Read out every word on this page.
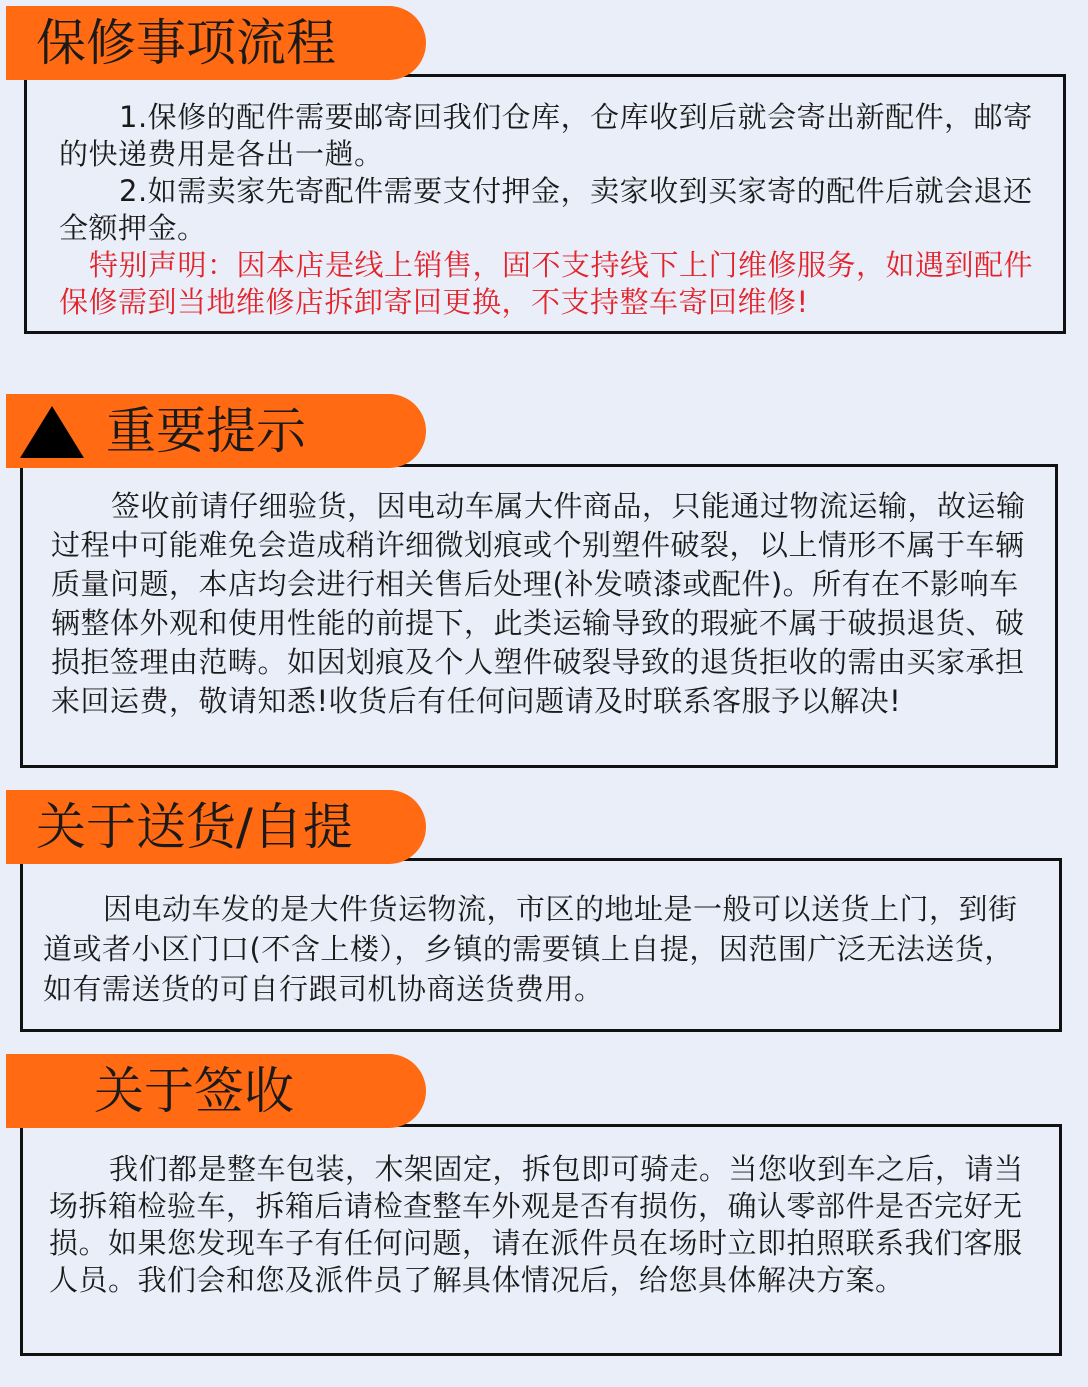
保修事项流程

1.保修的配件需要邮寄回我们仓库，仓库收到后就会寄出新配件，邮寄的快递费用是各出一趟。

2.如需卖家先寄配件需要支付押金，卖家收到买家寄的配件后就会退还全额押金。

特别声明：因本店是线上销售，固不支持线下上门维修服务，如遇到配件保修需到当地维修店拆卸寄回更换，不支持整车寄回维修!

重要提示

签收前请仔细验货，因电动车属大件商品，只能通过物流运输，故运输过程中可能难免会造成稍许细微划痕或个别塑件破裂，以上情形不属于车辆质量问题，本店均会进行相关售后处理(补发喷漆或配件)。所有在不影响车辆整体外观和使用性能的前提下，此类运输导致的瑕疵不属于破损退货、破损拒签理由范畴。如因划痕及个人塑件破裂导致的退货拒收的需由买家承担来回运费，敬请知悉!收货后有任何问题请及时联系客服予以解决!

关于送货/自提

因电动车发的是大件货运物流，市区的地址是一般可以送货上门，到街道或者小区门口(不含上楼），乡镇的需要镇上自提，因范围广泛无法送货，如有需送货的可自行跟司机协商送货费用。

关于签收

我们都是整车包装，木架固定，拆包即可骑走。当您收到车之后，请当场拆箱检验车，拆箱后请检查整车外观是否有损伤，确认零部件是否完好无损。如果您发现车子有任何问题，请在派件员在场时立即拍照联系我们客服人员。我们会和您及派件员了解具体情况后，给您具体解决方案。
